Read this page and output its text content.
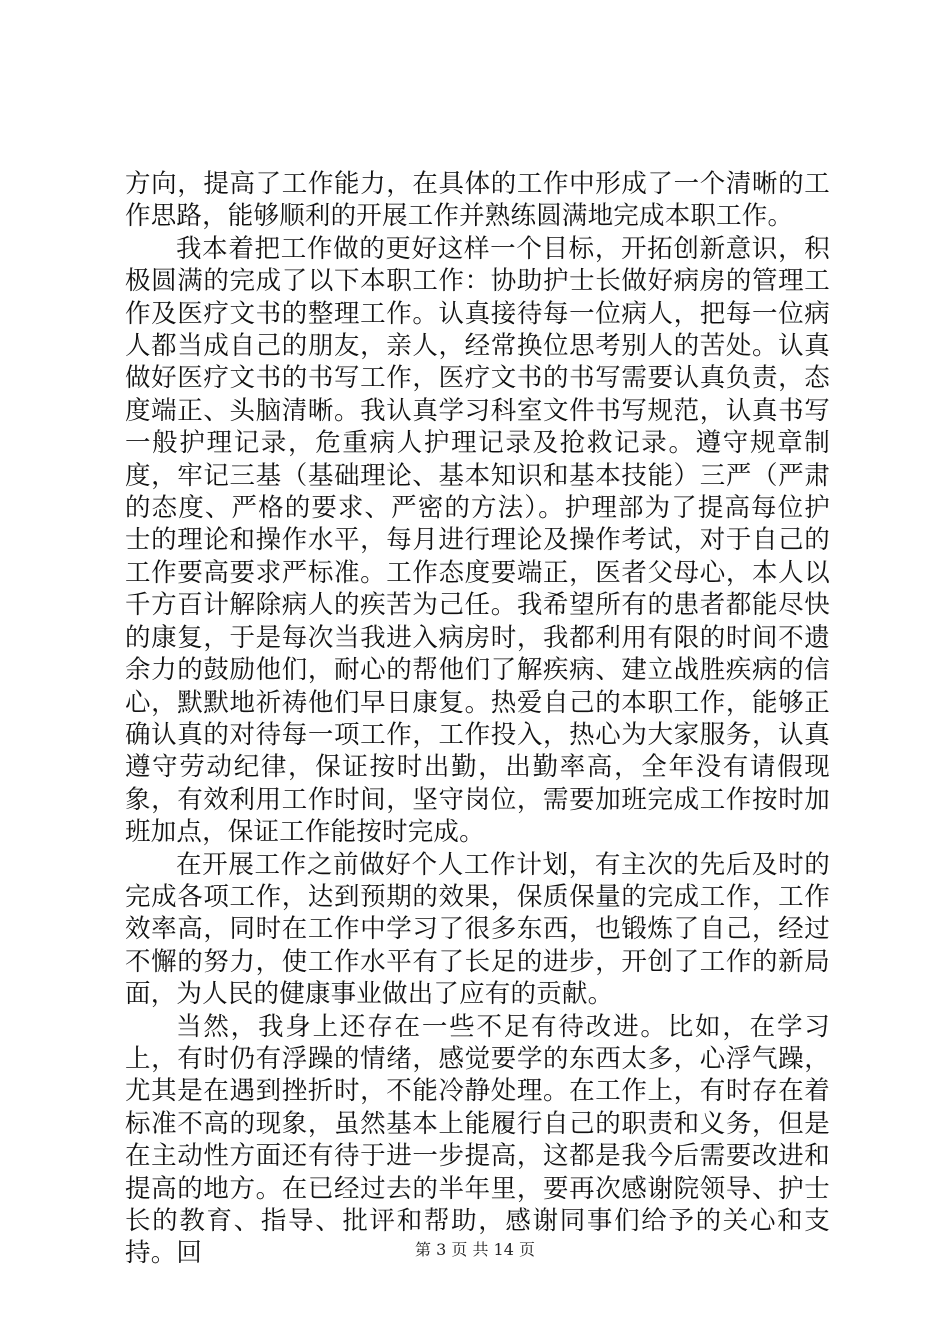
方向，提高了工作能力，在具体的工作中形成了一个清晰的工作思路，能够顺利的开展工作并熟练圆满地完成本职工作。

我本着把工作做的更好这样一个目标，开拓创新意识，积极圆满的完成了以下本职工作：协助护士长做好病房的管理工作及医疗文书的整理工作。认真接待每一位病人，把每一位病人都当成自己的朋友，亲人，经常换位思考别人的苦处。认真做好医疗文书的书写工作，医疗文书的书写需要认真负责，态度端正、头脑清晰。我认真学习科室文件书写规范，认真书写一般护理记录，危重病人护理记录及抢救记录。遵守规章制度，牢记三基（基础理论、基本知识和基本技能）三严（严肃的态度、严格的要求、严密的方法）。护理部为了提高每位护士的理论和操作水平，每月进行理论及操作考试，对于自己的工作要高要求严标准。工作态度要端正，医者父母心，本人以千方百计解除病人的疾苦为己任。我希望所有的患者都能尽快的康复，于是每次当我进入病房时，我都利用有限的时间不遗余力的鼓励他们，耐心的帮他们了解疾病、建立战胜疾病的信心，默默地祈祷他们早日康复。热爱自己的本职工作，能够正确认真的对待每一项工作，工作投入，热心为大家服务，认真遵守劳动纪律，保证按时出勤，出勤率高，全年没有请假现象，有效利用工作时间，坚守岗位，需要加班完成工作按时加班加点，保证工作能按时完成。

在开展工作之前做好个人工作计划，有主次的先后及时的完成各项工作，达到预期的效果，保质保量的完成工作，工作效率高，同时在工作中学习了很多东西，也锻炼了自己，经过不懈的努力，使工作水平有了长足的进步，开创了工作的新局面，为人民的健康事业做出了应有的贡献。

当然，我身上还存在一些不足有待改进。比如，在学习上，有时仍有浮躁的情绪，感觉要学的东西太多，心浮气躁，尤其是在遇到挫折时，不能冷静处理。在工作上，有时存在着标准不高的现象，虽然基本上能履行自己的职责和义务，但是在主动性方面还有待于进一步提高，这都是我今后需要改进和提高的地方。在已经过去的半年里，要再次感谢院领导、护士长的教育、指导、批评和帮助，感谢同事们给予的关心和支持。回	第 3 页 共 14 页
